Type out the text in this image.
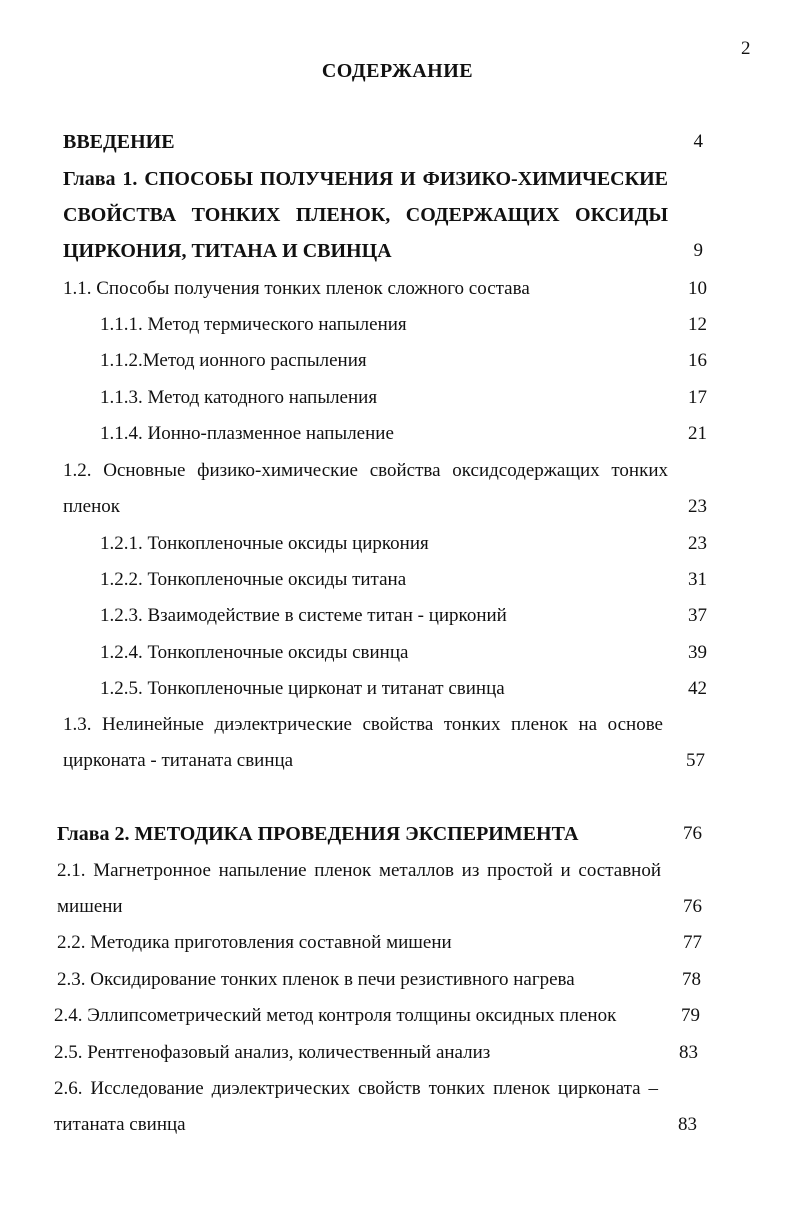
2
СОДЕРЖАНИЕ
ВВЕДЕНИЕ	4
Глава 1. СПОСОБЫ ПОЛУЧЕНИЯ И ФИЗИКО-ХИМИЧЕСКИЕ
СВОЙСТВА ТОНКИХ ПЛЕНОК, СОДЕРЖАЩИХ ОКСИДЫ
ЦИРКОНИЯ, ТИТАНА И СВИНЦА	9
1.1. Способы получения тонких пленок сложного состава	10
1.1.1. Метод термического напыления	12
1.1.2.Метод ионного распыления	16
1.1.3. Метод катодного напыления	17
1.1.4. Ионно-плазменное напыление	21
1.2. Основные физико-химические свойства оксидсодержащих тонких
пленок	23
1.2.1. Тонкопленочные оксиды циркония	23
1.2.2. Тонкопленочные оксиды титана	31
1.2.3. Взаимодействие в системе титан - цирконий	37
1.2.4. Тонкопленочные оксиды свинца	39
1.2.5. Тонкопленочные цирконат и титанат свинца	42
1.3. Нелинейные диэлектрические свойства тонких пленок на основе
цирконата - титаната свинца	57
Глава 2. МЕТОДИКА ПРОВЕДЕНИЯ ЭКСПЕРИМЕНТА	76
2.1. Магнетронное напыление пленок металлов из простой и составной
мишени	76
2.2. Методика приготовления составной мишени	77
2.3. Оксидирование тонких пленок в печи резистивного нагрева	78
2.4. Эллипсометрический метод контроля толщины оксидных пленок	79
2.5. Рентгенофазовый анализ, количественный анализ	83
2.6. Исследование диэлектрических свойств тонких пленок цирконата –
титаната свинца	83
